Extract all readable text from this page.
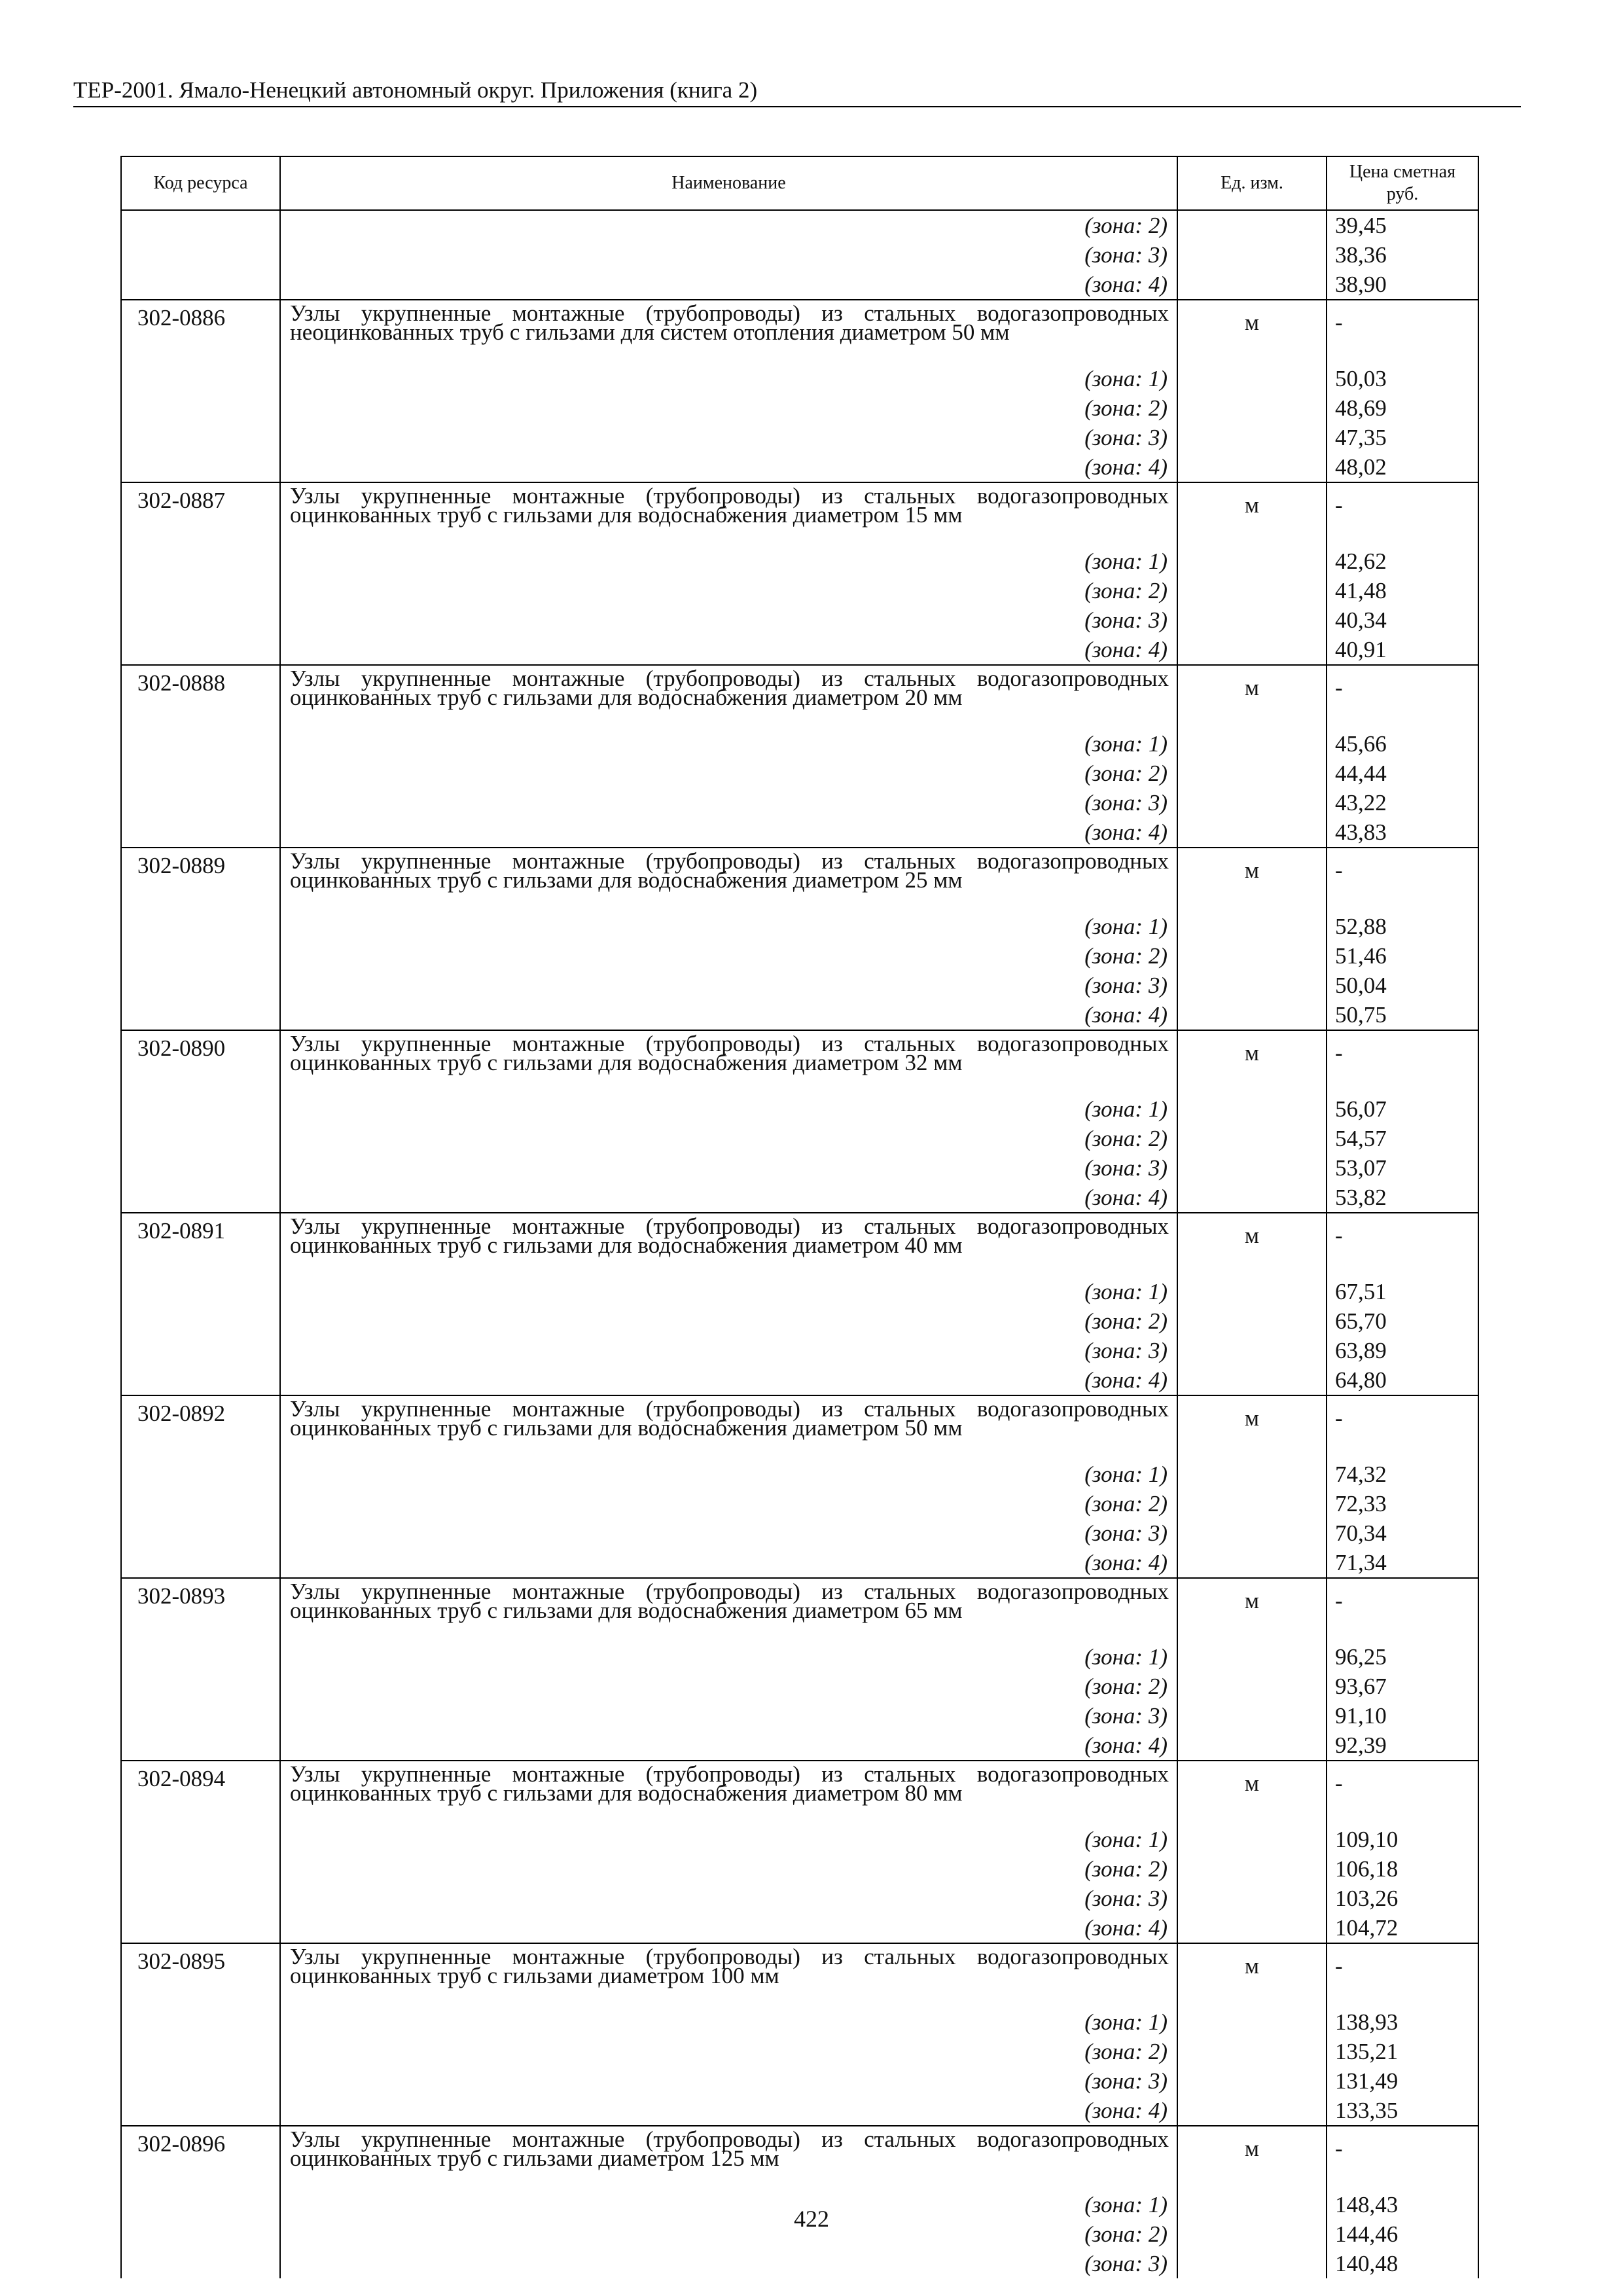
ТЕР-2001. Ямало-Ненецкий автономный округ. Приложения (книга 2)
Код ресурса	Наименование	Ед. изм.	Цена сметная руб.
	(зона: 2)		39,45
	(зона: 3)		38,36
	(зона: 4)		38,90
302-0886	Узлы укрупненные монтажные (трубопроводы) из стальных водогазопроводных неоцинкованных труб с гильзами для систем отопления диаметром 50 мм	м	-
	(зона: 1)		50,03
	(зона: 2)		48,69
	(зона: 3)		47,35
	(зона: 4)		48,02
302-0887	Узлы укрупненные монтажные (трубопроводы) из стальных водогазопроводных оцинкованных труб с гильзами для водоснабжения диаметром 15 мм	м	-
	(зона: 1)		42,62
	(зона: 2)		41,48
	(зона: 3)		40,34
	(зона: 4)		40,91
302-0888	Узлы укрупненные монтажные (трубопроводы) из стальных водогазопроводных оцинкованных труб с гильзами для водоснабжения диаметром 20 мм	м	-
	(зона: 1)		45,66
	(зона: 2)		44,44
	(зона: 3)		43,22
	(зона: 4)		43,83
302-0889	Узлы укрупненные монтажные (трубопроводы) из стальных водогазопроводных оцинкованных труб с гильзами для водоснабжения диаметром 25 мм	м	-
	(зона: 1)		52,88
	(зона: 2)		51,46
	(зона: 3)		50,04
	(зона: 4)		50,75
302-0890	Узлы укрупненные монтажные (трубопроводы) из стальных водогазопроводных оцинкованных труб с гильзами для водоснабжения диаметром 32 мм	м	-
	(зона: 1)		56,07
	(зона: 2)		54,57
	(зона: 3)		53,07
	(зона: 4)		53,82
302-0891	Узлы укрупненные монтажные (трубопроводы) из стальных водогазопроводных оцинкованных труб с гильзами для водоснабжения диаметром 40 мм	м	-
	(зона: 1)		67,51
	(зона: 2)		65,70
	(зона: 3)		63,89
	(зона: 4)		64,80
302-0892	Узлы укрупненные монтажные (трубопроводы) из стальных водогазопроводных оцинкованных труб с гильзами для водоснабжения диаметром 50 мм	м	-
	(зона: 1)		74,32
	(зона: 2)		72,33
	(зона: 3)		70,34
	(зона: 4)		71,34
302-0893	Узлы укрупненные монтажные (трубопроводы) из стальных водогазопроводных оцинкованных труб с гильзами для водоснабжения диаметром 65 мм	м	-
	(зона: 1)		96,25
	(зона: 2)		93,67
	(зона: 3)		91,10
	(зона: 4)		92,39
302-0894	Узлы укрупненные монтажные (трубопроводы) из стальных водогазопроводных оцинкованных труб с гильзами для водоснабжения диаметром 80 мм	м	-
	(зона: 1)		109,10
	(зона: 2)		106,18
	(зона: 3)		103,26
	(зона: 4)		104,72
302-0895	Узлы укрупненные монтажные (трубопроводы) из стальных водогазопроводных оцинкованных труб с гильзами диаметром 100 мм	м	-
	(зона: 1)		138,93
	(зона: 2)		135,21
	(зона: 3)		131,49
	(зона: 4)		133,35
302-0896	Узлы укрупненные монтажные (трубопроводы) из стальных водогазопроводных оцинкованных труб с гильзами диаметром 125 мм	м	-
	(зона: 1)		148,43
	(зона: 2)		144,46
	(зона: 3)		140,48
422
